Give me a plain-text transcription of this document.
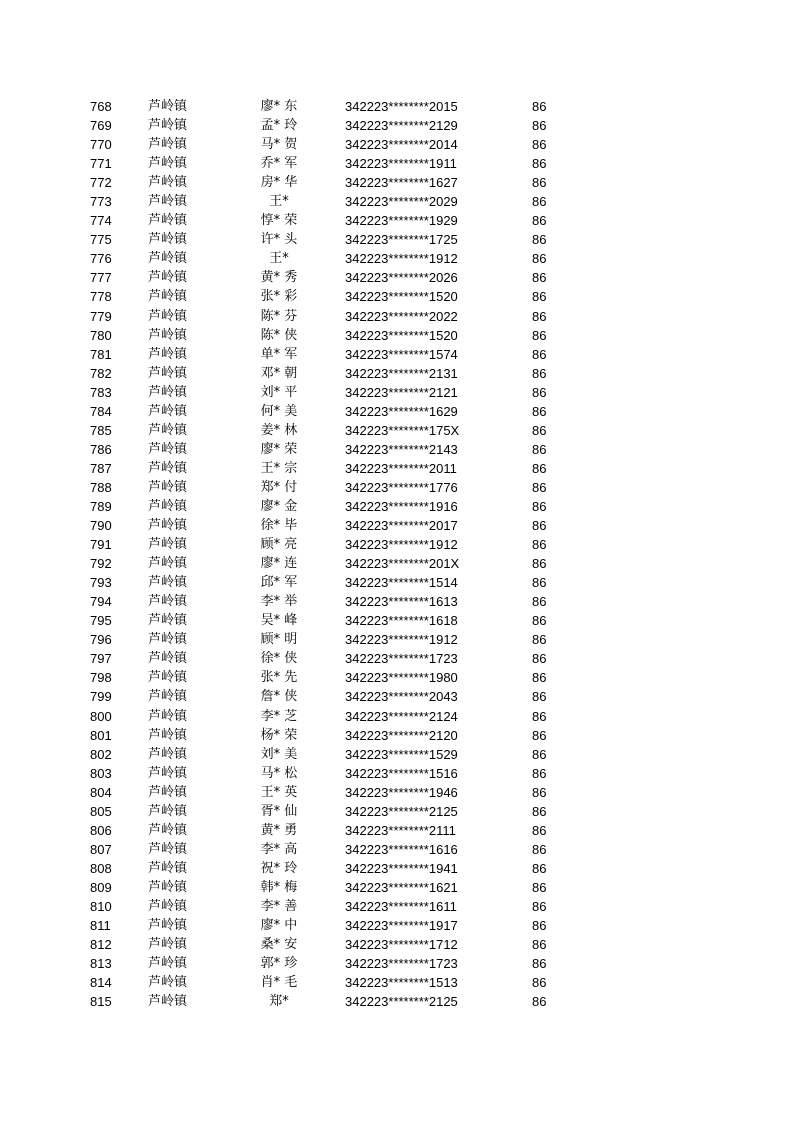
768	芦岭镇	廖* 东	342223********2015	86
769	芦岭镇	孟* 玲	342223********2129	86
770	芦岭镇	马* 贺	342223********2014	86
771	芦岭镇	乔* 军	342223********1911	86
772	芦岭镇	房* 华	342223********1627	86
773	芦岭镇	王*	342223********2029	86
774	芦岭镇	惇* 荣	342223********1929	86
775	芦岭镇	许* 头	342223********1725	86
776	芦岭镇	王*	342223********1912	86
777	芦岭镇	黄* 秀	342223********2026	86
778	芦岭镇	张* 彩	342223********1520	86
779	芦岭镇	陈* 芬	342223********2022	86
780	芦岭镇	陈* 侠	342223********1520	86
781	芦岭镇	单* 军	342223********1574	86
782	芦岭镇	邓* 朝	342223********2131	86
783	芦岭镇	刘* 平	342223********2121	86
784	芦岭镇	何* 美	342223********1629	86
785	芦岭镇	姜* 林	342223********175X	86
786	芦岭镇	廖* 荣	342223********2143	86
787	芦岭镇	王* 宗	342223********2011	86
788	芦岭镇	郑* 付	342223********1776	86
789	芦岭镇	廖* 金	342223********1916	86
790	芦岭镇	徐* 毕	342223********2017	86
791	芦岭镇	顾* 亮	342223********1912	86
792	芦岭镇	廖* 连	342223********201X	86
793	芦岭镇	邱* 军	342223********1514	86
794	芦岭镇	李* 举	342223********1613	86
795	芦岭镇	吴* 峰	342223********1618	86
796	芦岭镇	顾* 明	342223********1912	86
797	芦岭镇	徐* 侠	342223********1723	86
798	芦岭镇	张* 先	342223********1980	86
799	芦岭镇	詹* 侠	342223********2043	86
800	芦岭镇	李* 芝	342223********2124	86
801	芦岭镇	杨* 荣	342223********2120	86
802	芦岭镇	刘* 美	342223********1529	86
803	芦岭镇	马* 松	342223********1516	86
804	芦岭镇	王* 英	342223********1946	86
805	芦岭镇	胥* 仙	342223********2125	86
806	芦岭镇	黄* 勇	342223********2111	86
807	芦岭镇	李* 高	342223********1616	86
808	芦岭镇	祝* 玲	342223********1941	86
809	芦岭镇	韩* 梅	342223********1621	86
810	芦岭镇	李* 善	342223********1611	86
811	芦岭镇	廖* 中	342223********1917	86
812	芦岭镇	桑* 安	342223********1712	86
813	芦岭镇	郭* 珍	342223********1723	86
814	芦岭镇	肖* 毛	342223********1513	86
815	芦岭镇	郑*	342223********2125	86
